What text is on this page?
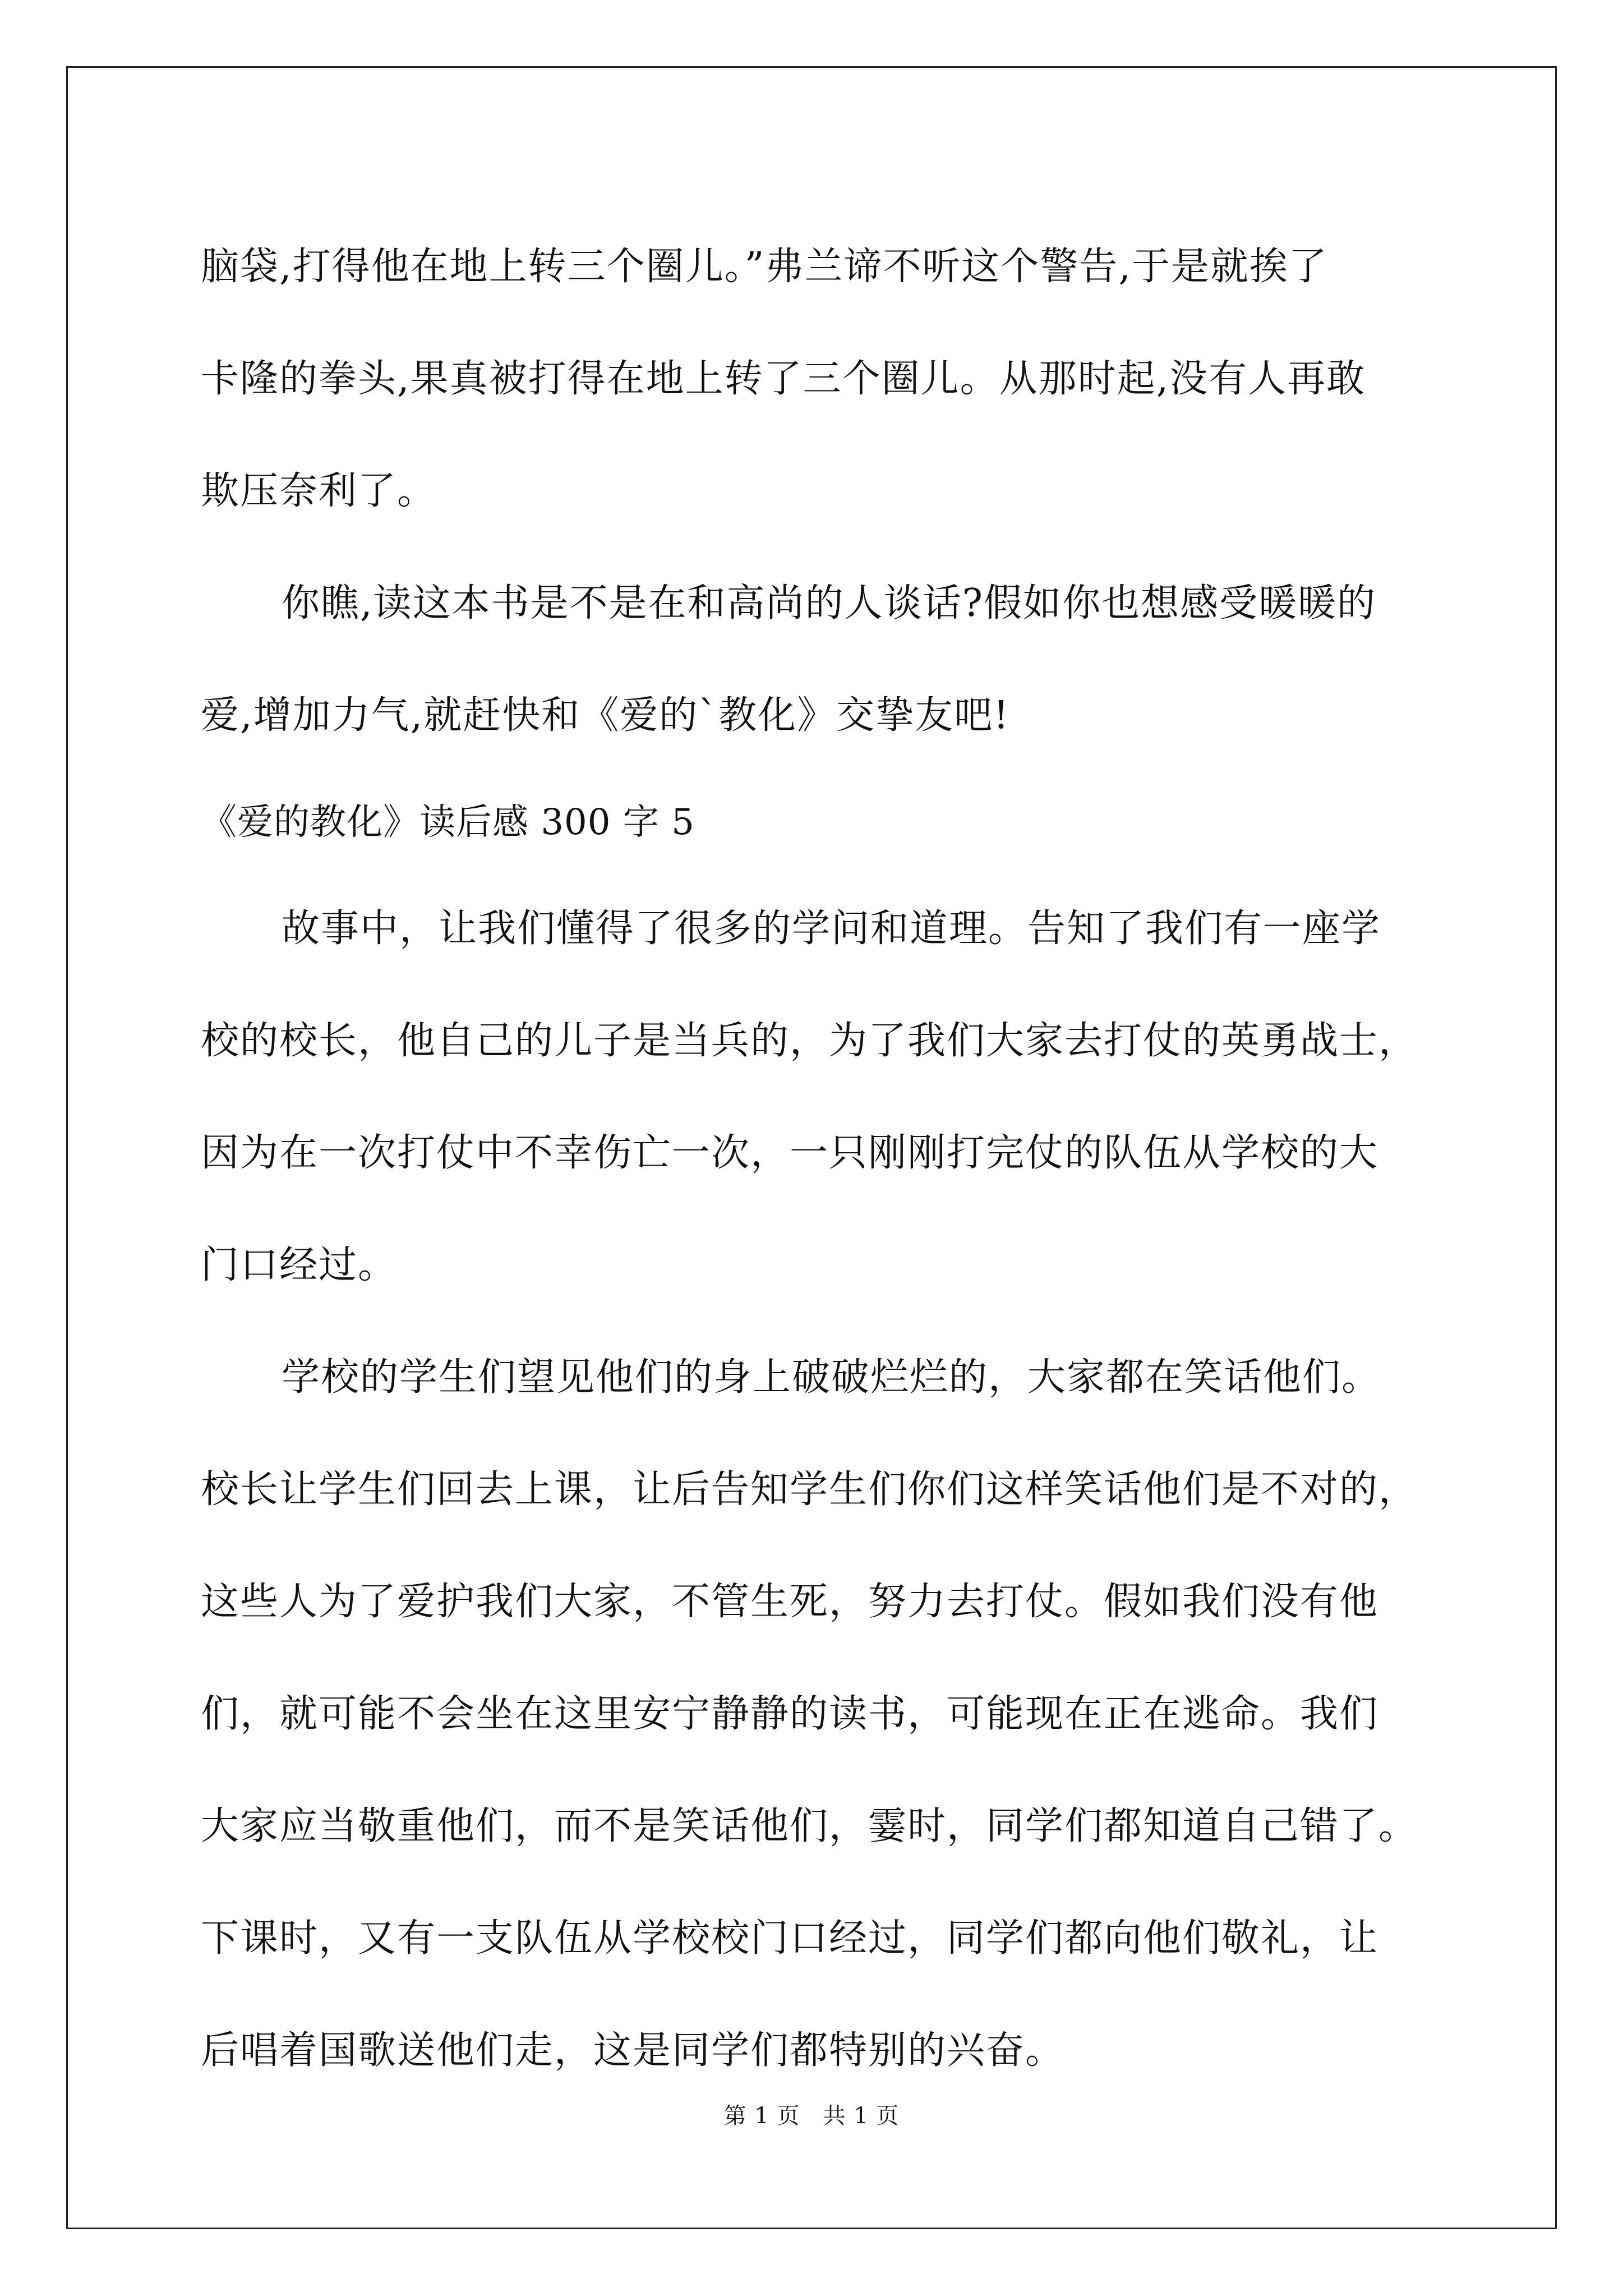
脑袋,打得他在地上转三个圈儿。”弗兰谛不听这个警告,于是就挨了
卡隆的拳头,果真被打得在地上转了三个圈儿。从那时起,没有人再敢
欺压奈利了。
你瞧,读这本书是不是在和高尚的人谈话?假如你也想感受暖暖的
爱,增加力气,就赶快和《爱的`教化》交挚友吧!
《爱的教化》读后感 300 字 5
故事中，让我们懂得了很多的学问和道理。告知了我们有一座学
校的校长，他自己的儿子是当兵的，为了我们大家去打仗的英勇战士，
因为在一次打仗中不幸伤亡一次，一只刚刚打完仗的队伍从学校的大
门口经过。
学校的学生们望见他们的身上破破烂烂的，大家都在笑话他们。
校长让学生们回去上课，让后告知学生们你们这样笑话他们是不对的，
这些人为了爱护我们大家，不管生死，努力去打仗。假如我们没有他
们，就可能不会坐在这里安宁静静的读书，可能现在正在逃命。我们
大家应当敬重他们，而不是笑话他们，霎时，同学们都知道自己错了。
下课时，又有一支队伍从学校校门口经过，同学们都向他们敬礼，让
后唱着国歌送他们走，这是同学们都特别的兴奋。
第 1 页　共 1 页
